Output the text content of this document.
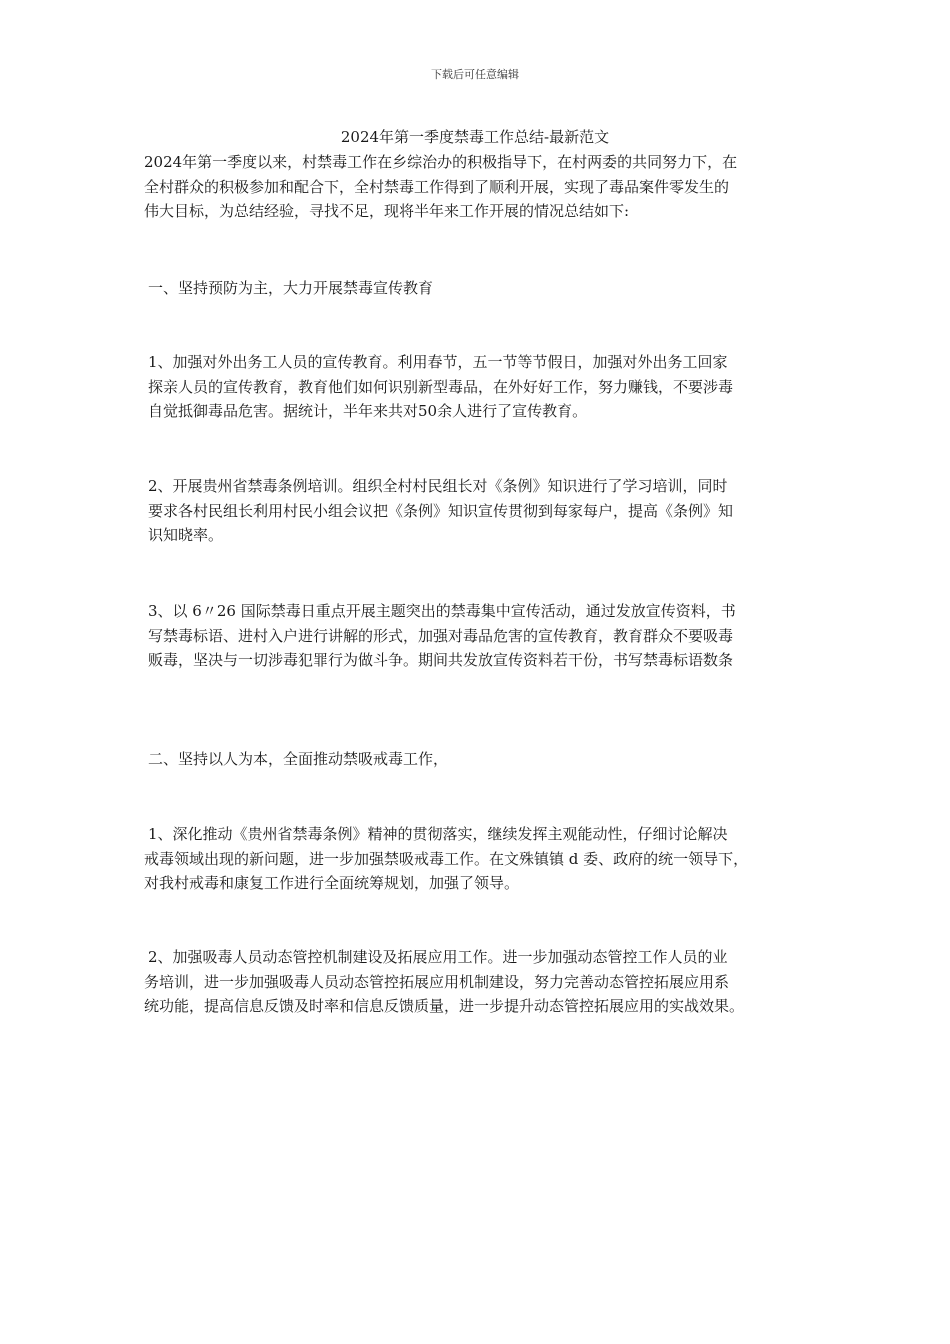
下载后可任意编辑
2024年第一季度禁毒工作总结-最新范文
2024年第一季度以来，村禁毒工作在乡综治办的积极指导下，在村两委的共同努力下，在
全村群众的积极参加和配合下，全村禁毒工作得到了顺利开展，实现了毒品案件零发生的
伟大目标，为总结经验，寻找不足，现将半年来工作开展的情况总结如下:
一、坚持预防为主，大力开展禁毒宣传教育
1、加强对外出务工人员的宣传教育。利用春节，五一节等节假日，加强对外出务工回家
探亲人员的宣传教育，教育他们如何识别新型毒品，在外好好工作，努力赚钱，不要涉毒
自觉抵御毒品危害。据统计，半年来共对50余人进行了宣传教育。
2、开展贵州省禁毒条例培训。组织全村村民组长对《条例》知识进行了学习培训，同时
要求各村民组长利用村民小组会议把《条例》知识宣传贯彻到每家每户，提高《条例》知
识知晓率。
3、以 6〃26 国际禁毒日重点开展主题突出的禁毒集中宣传活动，通过发放宣传资料，书
写禁毒标语、进村入户进行讲解的形式，加强对毒品危害的宣传教育，教育群众不要吸毒
贩毒，坚决与一切涉毒犯罪行为做斗争。期间共发放宣传资料若干份，书写禁毒标语数条
二、坚持以人为本，全面推动禁吸戒毒工作，
1、深化推动《贵州省禁毒条例》精神的贯彻落实，继续发挥主观能动性，仔细讨论解决
戒毒领域出现的新问题，进一步加强禁吸戒毒工作。在文殊镇镇 d 委、政府的统一领导下，
对我村戒毒和康复工作进行全面统筹规划，加强了领导。
2、加强吸毒人员动态管控机制建设及拓展应用工作。进一步加强动态管控工作人员的业
务培训，进一步加强吸毒人员动态管控拓展应用机制建设，努力完善动态管控拓展应用系
统功能，提高信息反馈及时率和信息反馈质量，进一步提升动态管控拓展应用的实战效果。
